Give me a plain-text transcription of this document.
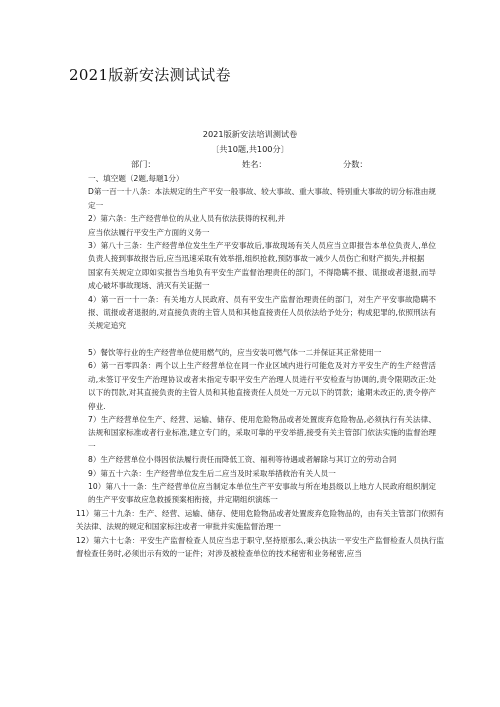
2021版新安法测试试卷
2021版新安法培训测试卷
〔共10题,共100分〕
部门：	姓名：	分数：

一、填空题（2题,每题1分）

D第一百一十八条：本法规定的生产平安一般事故、较大事故、重大事故、特别重大事故的切分标准由规定一

2）第六条：生产经营单位的从业人员有依法获得的权利,并

应当依法履行平安生产方面的义务一

3）第八十三条：生产经营单位发生生产平安事故后,事故现场有关人员应当立即报告本单位负责人,单位负责人接到事故报告后,应当迅速采取有效举措,组织抢救,预防事故一减少人员伤亡和财产损失,并根据

国家有关规定立即如实报告当地负有平安生产监督治理责任的部门，不得隐瞒不报、谎报或者退报,而导成心破坏事故现场、消灭有关证据一

4）第一百一十一条：有关地方人民政府、员有平安生产监督治理责任的部门，对生产平安事故隐瞒不报、谎报或者退报的,对直接负责的主管人员和其他直接责任人员依法给予处分；构成犯罪的,依照刑法有关规定追究

5）餐饮等行业的生产经营单位使用燃气的，应当安装可燃气体一二并保证其正常使用一

6）第一百零四条：两个以上生产经营单位在同一作业区域内进行可能危及对方平安生产的生产经营活动,未签订平安生产治理协议或者未指定专职平安生产治理人员进行平安检查与协调的,责令限期改正:处以下的罚款,对其直接负责的主管人员和其他直接责任人员处一万元以下的罚款；逾期未改正的,责令停产停业.

7）生产经营单位生产、经营、运输、储存、使用危险物品或者处置废弃危险物品,必须执行有关法律、法规和国家标准或者行业标准,建立专门的，采取可靠的平安举措,接受有关主管部门依法实施的监督治理一

8）生产经营单位小得因依法履行责任而降低工资、福利等待遇或者解除与其订立的劳动合同

9）第五十六条：生产经营单位发生后二应当及时采取举措救治有关人员一

10）第八十一条：生产经营单位应当制定本单位生产平安事故与所在地县级以上地方人民政府组织制定的生产平安事故应急救援预案相衔接，并定期组织演练一

11）第三十九条：生产、经营、运输、储存、使用危险物品或者处置废弃危险物品的，由有关主管部门依照有关法律、法规的规定和国家标注或者一审批并实施监督治理一

12）第六十七条：平安生产监督检查人员应当忠于职守,坚持原那么,秉公执法一平安生产监督检查人员执行监督检查任务时,必须出示有效的一证件；对涉及被检查单位的技术秘密和业务秘密,应当
